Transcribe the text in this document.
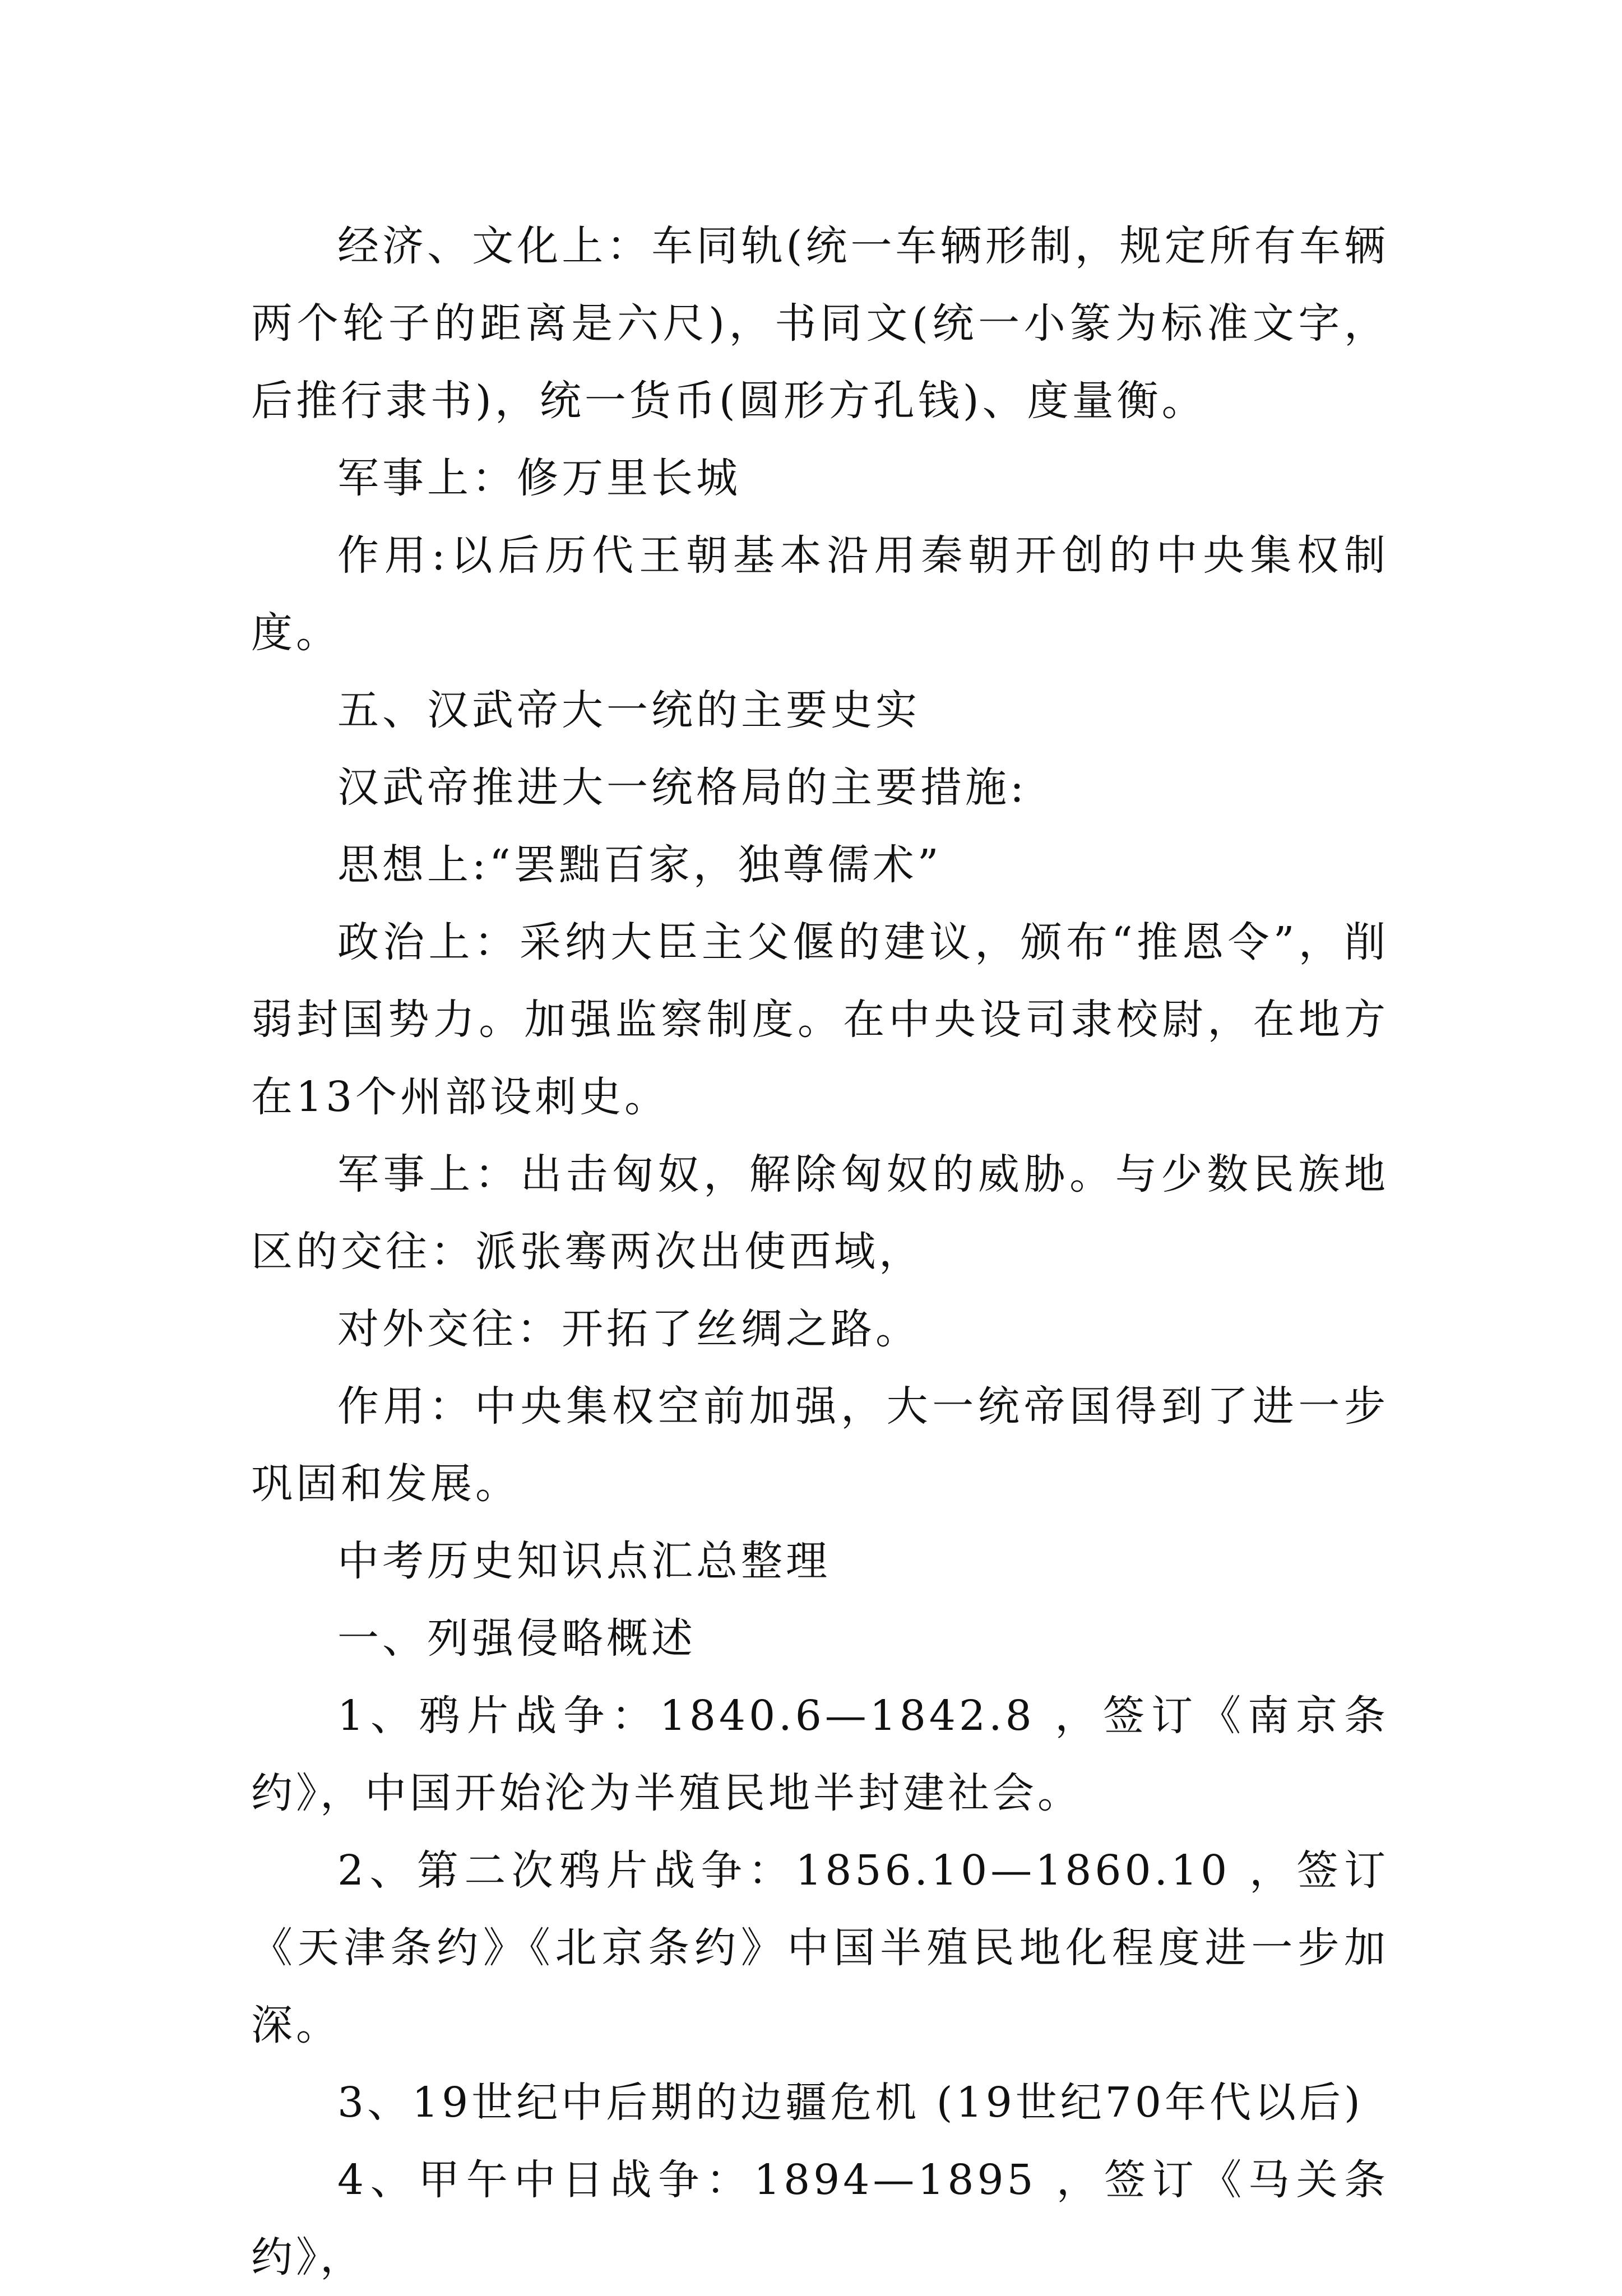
经济、文化上：车同轨(统一车辆形制，规定所有车辆两个轮子的距离是六尺)，书同文(统一小篆为标准文字，后推行隶书)，统一货币(圆形方孔钱)、度量衡。

军事上：修万里长城

作用:以后历代王朝基本沿用秦朝开创的中央集权制度。

五、汉武帝大一统的主要史实

汉武帝推进大一统格局的主要措施:

思想上:“罢黜百家，独尊儒术”

政治上：采纳大臣主父偃的建议，颁布“推恩令”，削弱封国势力。加强监察制度。在中央设司隶校尉，在地方在13个州部设刺史。

军事上：出击匈奴，解除匈奴的威胁。与少数民族地区的交往：派张骞两次出使西域，

对外交往：开拓了丝绸之路。

作用：中央集权空前加强，大一统帝国得到了进一步巩固和发展。

中考历史知识点汇总整理

一、列强侵略概述

1、鸦片战争：1840.6—1842.8 ，签订《南京条约》，中国开始沦为半殖民地半封建社会。

2、第二次鸦片战争：1856.10—1860.10 ，签订《天津条约》《北京条约》中国半殖民地化程度进一步加深。

3、19世纪中后期的边疆危机 (19世纪70年代以后)

4、甲午中日战争：1894—1895 ，签订《马关条约》，
